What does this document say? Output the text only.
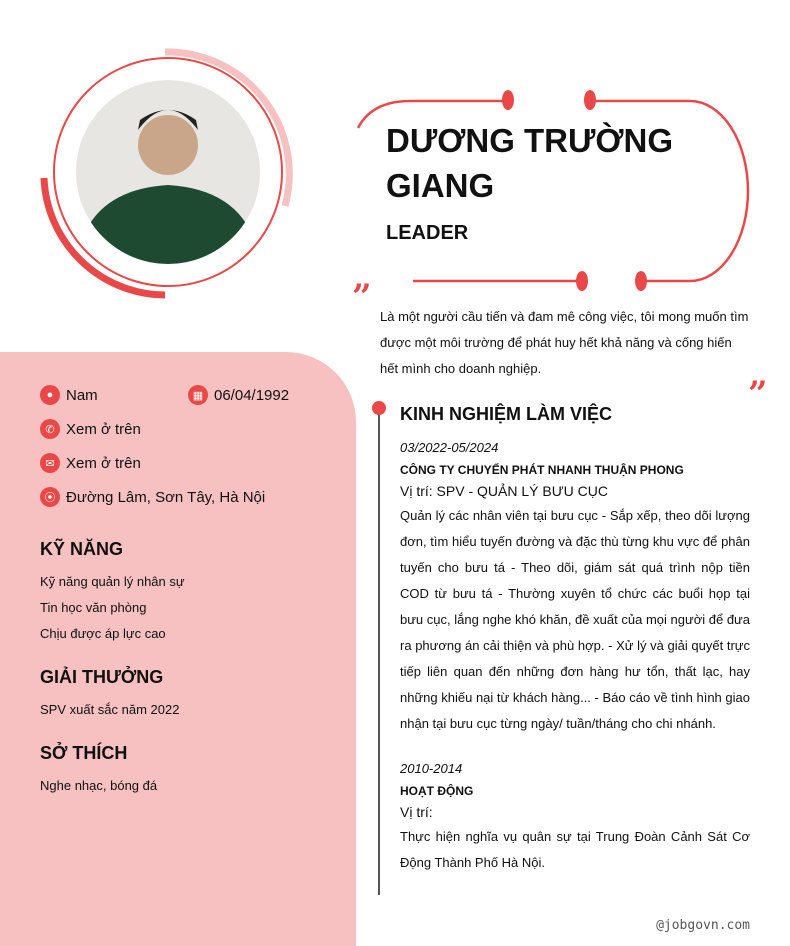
”
”
DƯƠNG TRƯỜNG GIANG
LEADER
Là một người cầu tiến và đam mê công việc, tôi mong muốn tìm được một môi trường để phát huy hết khả năng và cống hiến hết mình cho doanh nghiệp.
● Nam	▦ 06/04/1992
✆ Xem ở trên
✉ Xem ở trên
⦿ Đường Lâm, Sơn Tây, Hà Nội
KỸ NĂNG
Kỹ năng quản lý nhân sự
Tin học văn phòng
Chịu được áp lực cao
GIẢI THƯỞNG
SPV xuất sắc năm 2022
SỞ THÍCH
Nghe nhạc, bóng đá
KINH NGHIỆM LÀM VIỆC
03/2022-05/2024
CÔNG TY CHUYỂN PHÁT NHANH THUẬN PHONG
Vị trí: SPV - QUẢN LÝ BƯU CỤC
Quản lý các nhân viên tại bưu cục - Sắp xếp, theo dõi lượng đơn, tìm hiểu tuyến đường và đặc thù từng khu vực để phân tuyến cho bưu tá - Theo dõi, giám sát quá trình nộp tiền COD từ bưu tá - Thường xuyên tổ chức các buổi họp tại bưu cục, lắng nghe khó khăn, đề xuất của mọi người để đưa ra phương án cải thiện và phù hợp. - Xử lý và giải quyết trực tiếp liên quan đến những đơn hàng hư tổn, thất lạc, hay những khiếu nại từ khách hàng... - Báo cáo về tình hình giao nhận tại bưu cục từng ngày/ tuần/tháng cho chi nhánh.
2010-2014
HOẠT ĐỘNG
Vị trí:
Thực hiện nghĩa vụ quân sự tại Trung Đoàn Cảnh Sát Cơ Động Thành Phố Hà Nội.
@jobgovn.com
